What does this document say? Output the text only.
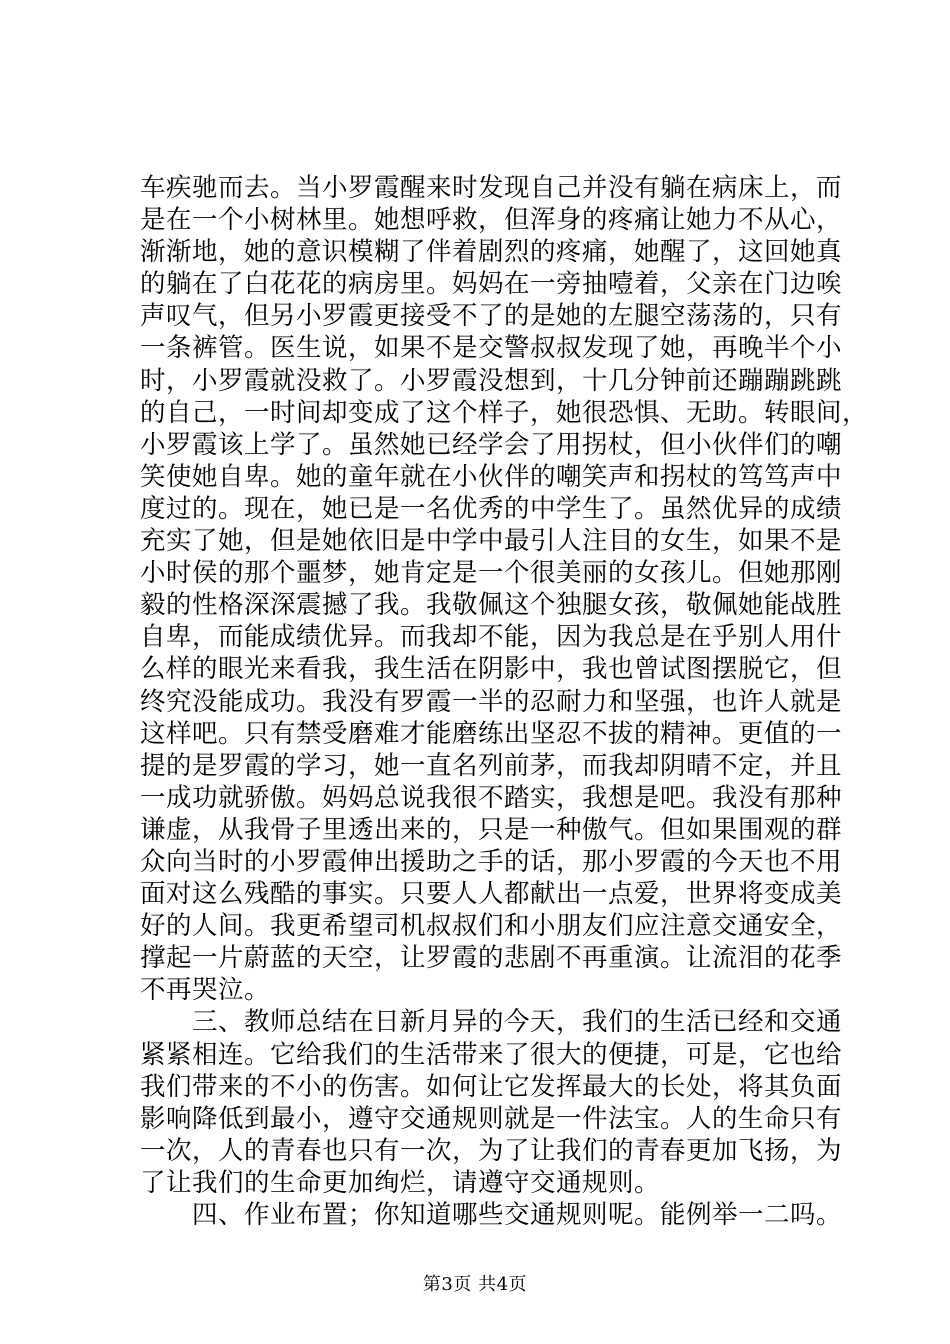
车疾驰而去。当小罗霞醒来时发现自己并没有躺在病床上，而
是在一个小树林里。她想呼救，但浑身的疼痛让她力不从心，
渐渐地，她的意识模糊了伴着剧烈的疼痛，她醒了，这回她真
的躺在了白花花的病房里。妈妈在一旁抽噎着，父亲在门边唉
声叹气，但另小罗霞更接受不了的是她的左腿空荡荡的，只有
一条裤管。医生说，如果不是交警叔叔发现了她，再晚半个小
时，小罗霞就没救了。小罗霞没想到，十几分钟前还蹦蹦跳跳
的自己，一时间却变成了这个样子，她很恐惧、无助。转眼间，
小罗霞该上学了。虽然她已经学会了用拐杖，但小伙伴们的嘲
笑使她自卑。她的童年就在小伙伴的嘲笑声和拐杖的笃笃声中
度过的。现在，她已是一名优秀的中学生了。虽然优异的成绩
充实了她，但是她依旧是中学中最引人注目的女生，如果不是
小时侯的那个噩梦，她肯定是一个很美丽的女孩儿。但她那刚
毅的性格深深震撼了我。我敬佩这个独腿女孩，敬佩她能战胜
自卑，而能成绩优异。而我却不能，因为我总是在乎别人用什
么样的眼光来看我，我生活在阴影中，我也曾试图摆脱它，但
终究没能成功。我没有罗霞一半的忍耐力和坚强，也许人就是
这样吧。只有禁受磨难才能磨练出坚忍不拔的精神。更值的一
提的是罗霞的学习，她一直名列前茅，而我却阴晴不定，并且
一成功就骄傲。妈妈总说我很不踏实，我想是吧。我没有那种
谦虚，从我骨子里透出来的，只是一种傲气。但如果围观的群
众向当时的小罗霞伸出援助之手的话，那小罗霞的今天也不用
面对这么残酷的事实。只要人人都献出一点爱，世界将变成美
好的人间。我更希望司机叔叔们和小朋友们应注意交通安全，
撑起一片蔚蓝的天空，让罗霞的悲剧不再重演。让流泪的花季
不再哭泣。
　　三、教师总结在日新月异的今天，我们的生活已经和交通
紧紧相连。它给我们的生活带来了很大的便捷，可是，它也给
我们带来的不小的伤害。如何让它发挥最大的长处，将其负面
影响降低到最小，遵守交通规则就是一件法宝。人的生命只有
一次，人的青春也只有一次，为了让我们的青春更加飞扬，为
了让我们的生命更加绚烂，请遵守交通规则。
　　四、作业布置；你知道哪些交通规则呢。能例举一二吗。
第3页 共4页
